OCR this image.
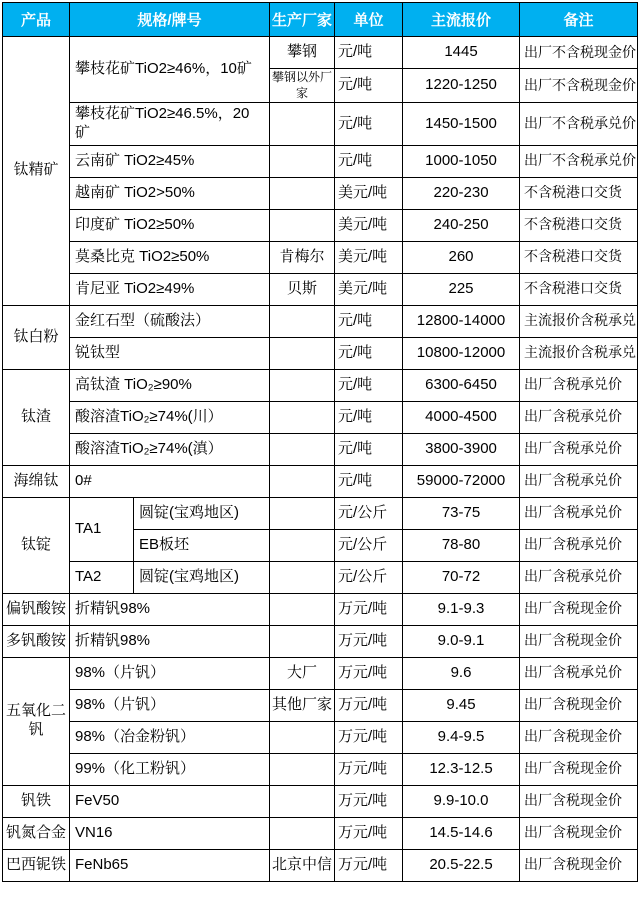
产品	规格/牌号		生产厂家	单位	主流报价	备注
钛精矿	攀枝花矿TiO2≥46%，10矿		攀钢	元/吨	1445	出厂不含税现金价
			攀钢以外厂家	元/吨	1220-1250	出厂不含税现金价
	攀枝花矿TiO2≥46.5%，20矿			元/吨	1450-1500	出厂不含税承兑价
	云南矿 TiO2≥45%			元/吨	1000-1050	出厂不含税承兑价
	越南矿 TiO2>50%			美元/吨	220-230	不含税港口交货
	印度矿 TiO2≥50%			美元/吨	240-250	不含税港口交货
	莫桑比克 TiO2≥50%		肯梅尔	美元/吨	260	不含税港口交货
	肯尼亚 TiO2≥49%		贝斯	美元/吨	225	不含税港口交货
钛白粉	金红石型（硫酸法）			元/吨	12800-14000	主流报价含税承兑
	锐钛型			元/吨	10800-12000	主流报价含税承兑
钛渣	高钛渣 TiO₂≥90%			元/吨	6300-6450	出厂含税承兑价
	酸溶渣TiO₂≥74%(川）			元/吨	4000-4500	出厂含税承兑价
	酸溶渣TiO₂≥74%(滇）			元/吨	3800-3900	出厂含税承兑价
海绵钛	0#			元/吨	59000-72000	出厂含税承兑价
钛锭	TA1	圆锭(宝鸡地区)		元/公斤	73-75	出厂含税承兑价
		EB板坯		元/公斤	78-80	出厂含税承兑价
	TA2	圆锭(宝鸡地区)		元/公斤	70-72	出厂含税承兑价
偏钒酸铵	折精钒98%			万元/吨	9.1-9.3	出厂含税现金价
多钒酸铵	折精钒98%			万元/吨	9.0-9.1	出厂含税现金价
五氧化二钒	98%（片钒）		大厂	万元/吨	9.6	出厂含税承兑价
	98%（片钒）		其他厂家	万元/吨	9.45	出厂含税现金价
	98%（冶金粉钒）			万元/吨	9.4-9.5	出厂含税现金价
	99%（化工粉钒）			万元/吨	12.3-12.5	出厂含税现金价
钒铁	FeV50			万元/吨	9.9-10.0	出厂含税现金价
钒氮合金	VN16			万元/吨	14.5-14.6	出厂含税现金价
巴西铌铁	FeNb65		北京中信	万元/吨	20.5-22.5	出厂含税现金价
